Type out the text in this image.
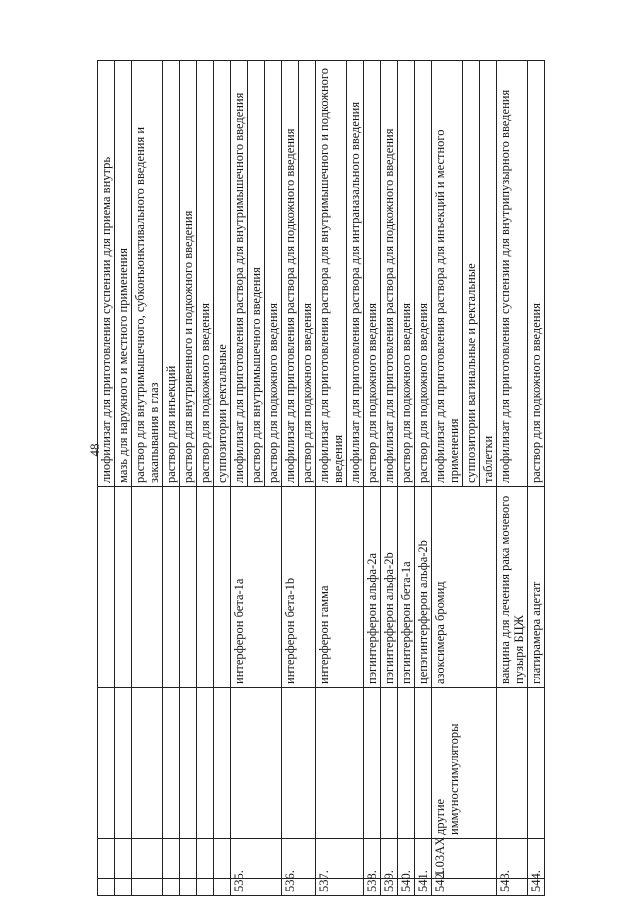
48
				лиофилизат для приготовления суспензии для приема внутрь
				мазь для наружного и местного применения
				раствор для внутримышечного, субконъюнктивального введения и закапывания в глаз
				раствор для инъекций
				раствор для внутривенного и подкожного введения
				раствор для подкожного введения
				суппозитории ректальные
535.			интерферон бета-1a	лиофилизат для приготовления раствора для внутримышечного введения
				раствор для внутримышечного введения
				раствор для подкожного введения
536.			интерферон бета-1b	лиофилизат для приготовления раствора для подкожного введения
				раствор для подкожного введения
537.			интерферон гамма	лиофилизат для приготовления раствора для внутримышечного и подкожного введения
				лиофилизат для приготовления раствора для интраназального введения
538.			пэгинтерферон альфа-2a	раствор для подкожного введения
539.			пэгинтерферон альфа-2b	лиофилизат для приготовления раствора для подкожного введения
540.			пэгинтерферон бета-1a	раствор для подкожного введения
541.			цепэгинтерферон альфа-2b	раствор для подкожного введения
542.	L03AX	другие иммуностимуляторы	азоксимера бромид	лиофилизат для приготовления раствора для инъекций и местного применения
				суппозитории вагинальные и ректальные
				таблетки
543.			вакцина для лечения рака мочевого пузыря БЦЖ	лиофилизат для приготовления суспензии для внутрипузырного введения
544.			глатирамера ацетат	раствор для подкожного введения
